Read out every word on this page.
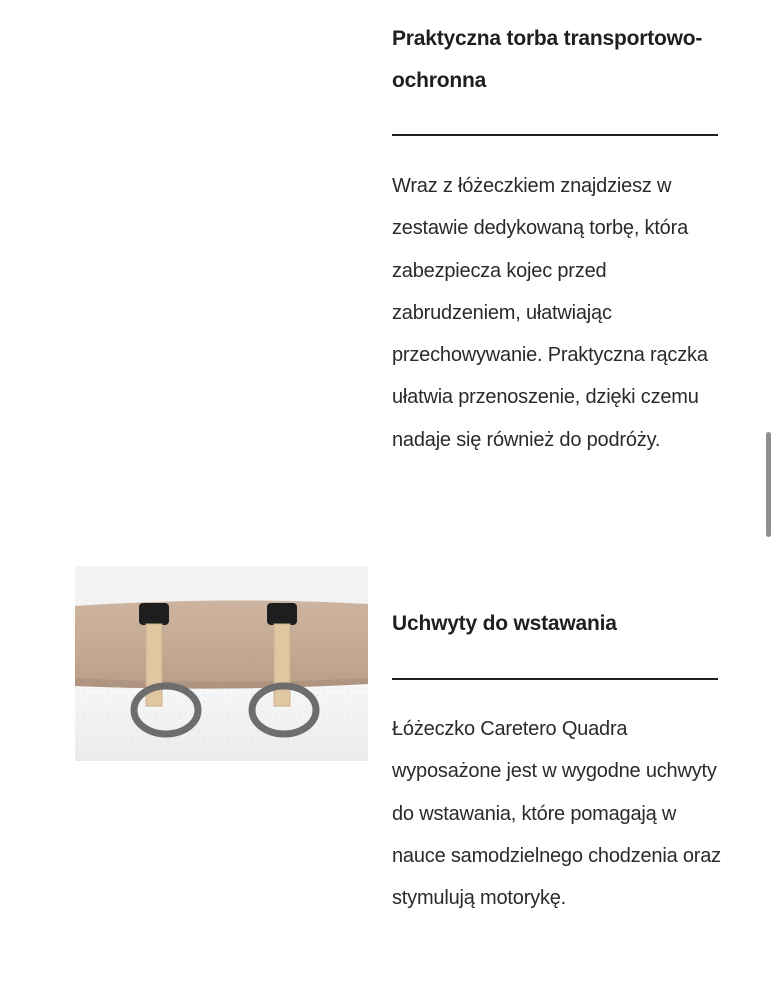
Praktyczna torba transportowo-ochronna
Wraz z łóżeczkiem znajdziesz w zestawie dedykowaną torbę, która zabezpiecza kojec przed zabrudzeniem, ułatwiając przechowywanie. Praktyczna rączka ułatwia przenoszenie, dzięki czemu nadaje się również do podróży.
Uchwyty do wstawania
Łóżeczko Caretero Quadra wyposażone jest w wygodne uchwyty do wstawania, które pomagają w nauce samodzielnego chodzenia oraz stymulują motorykę.
